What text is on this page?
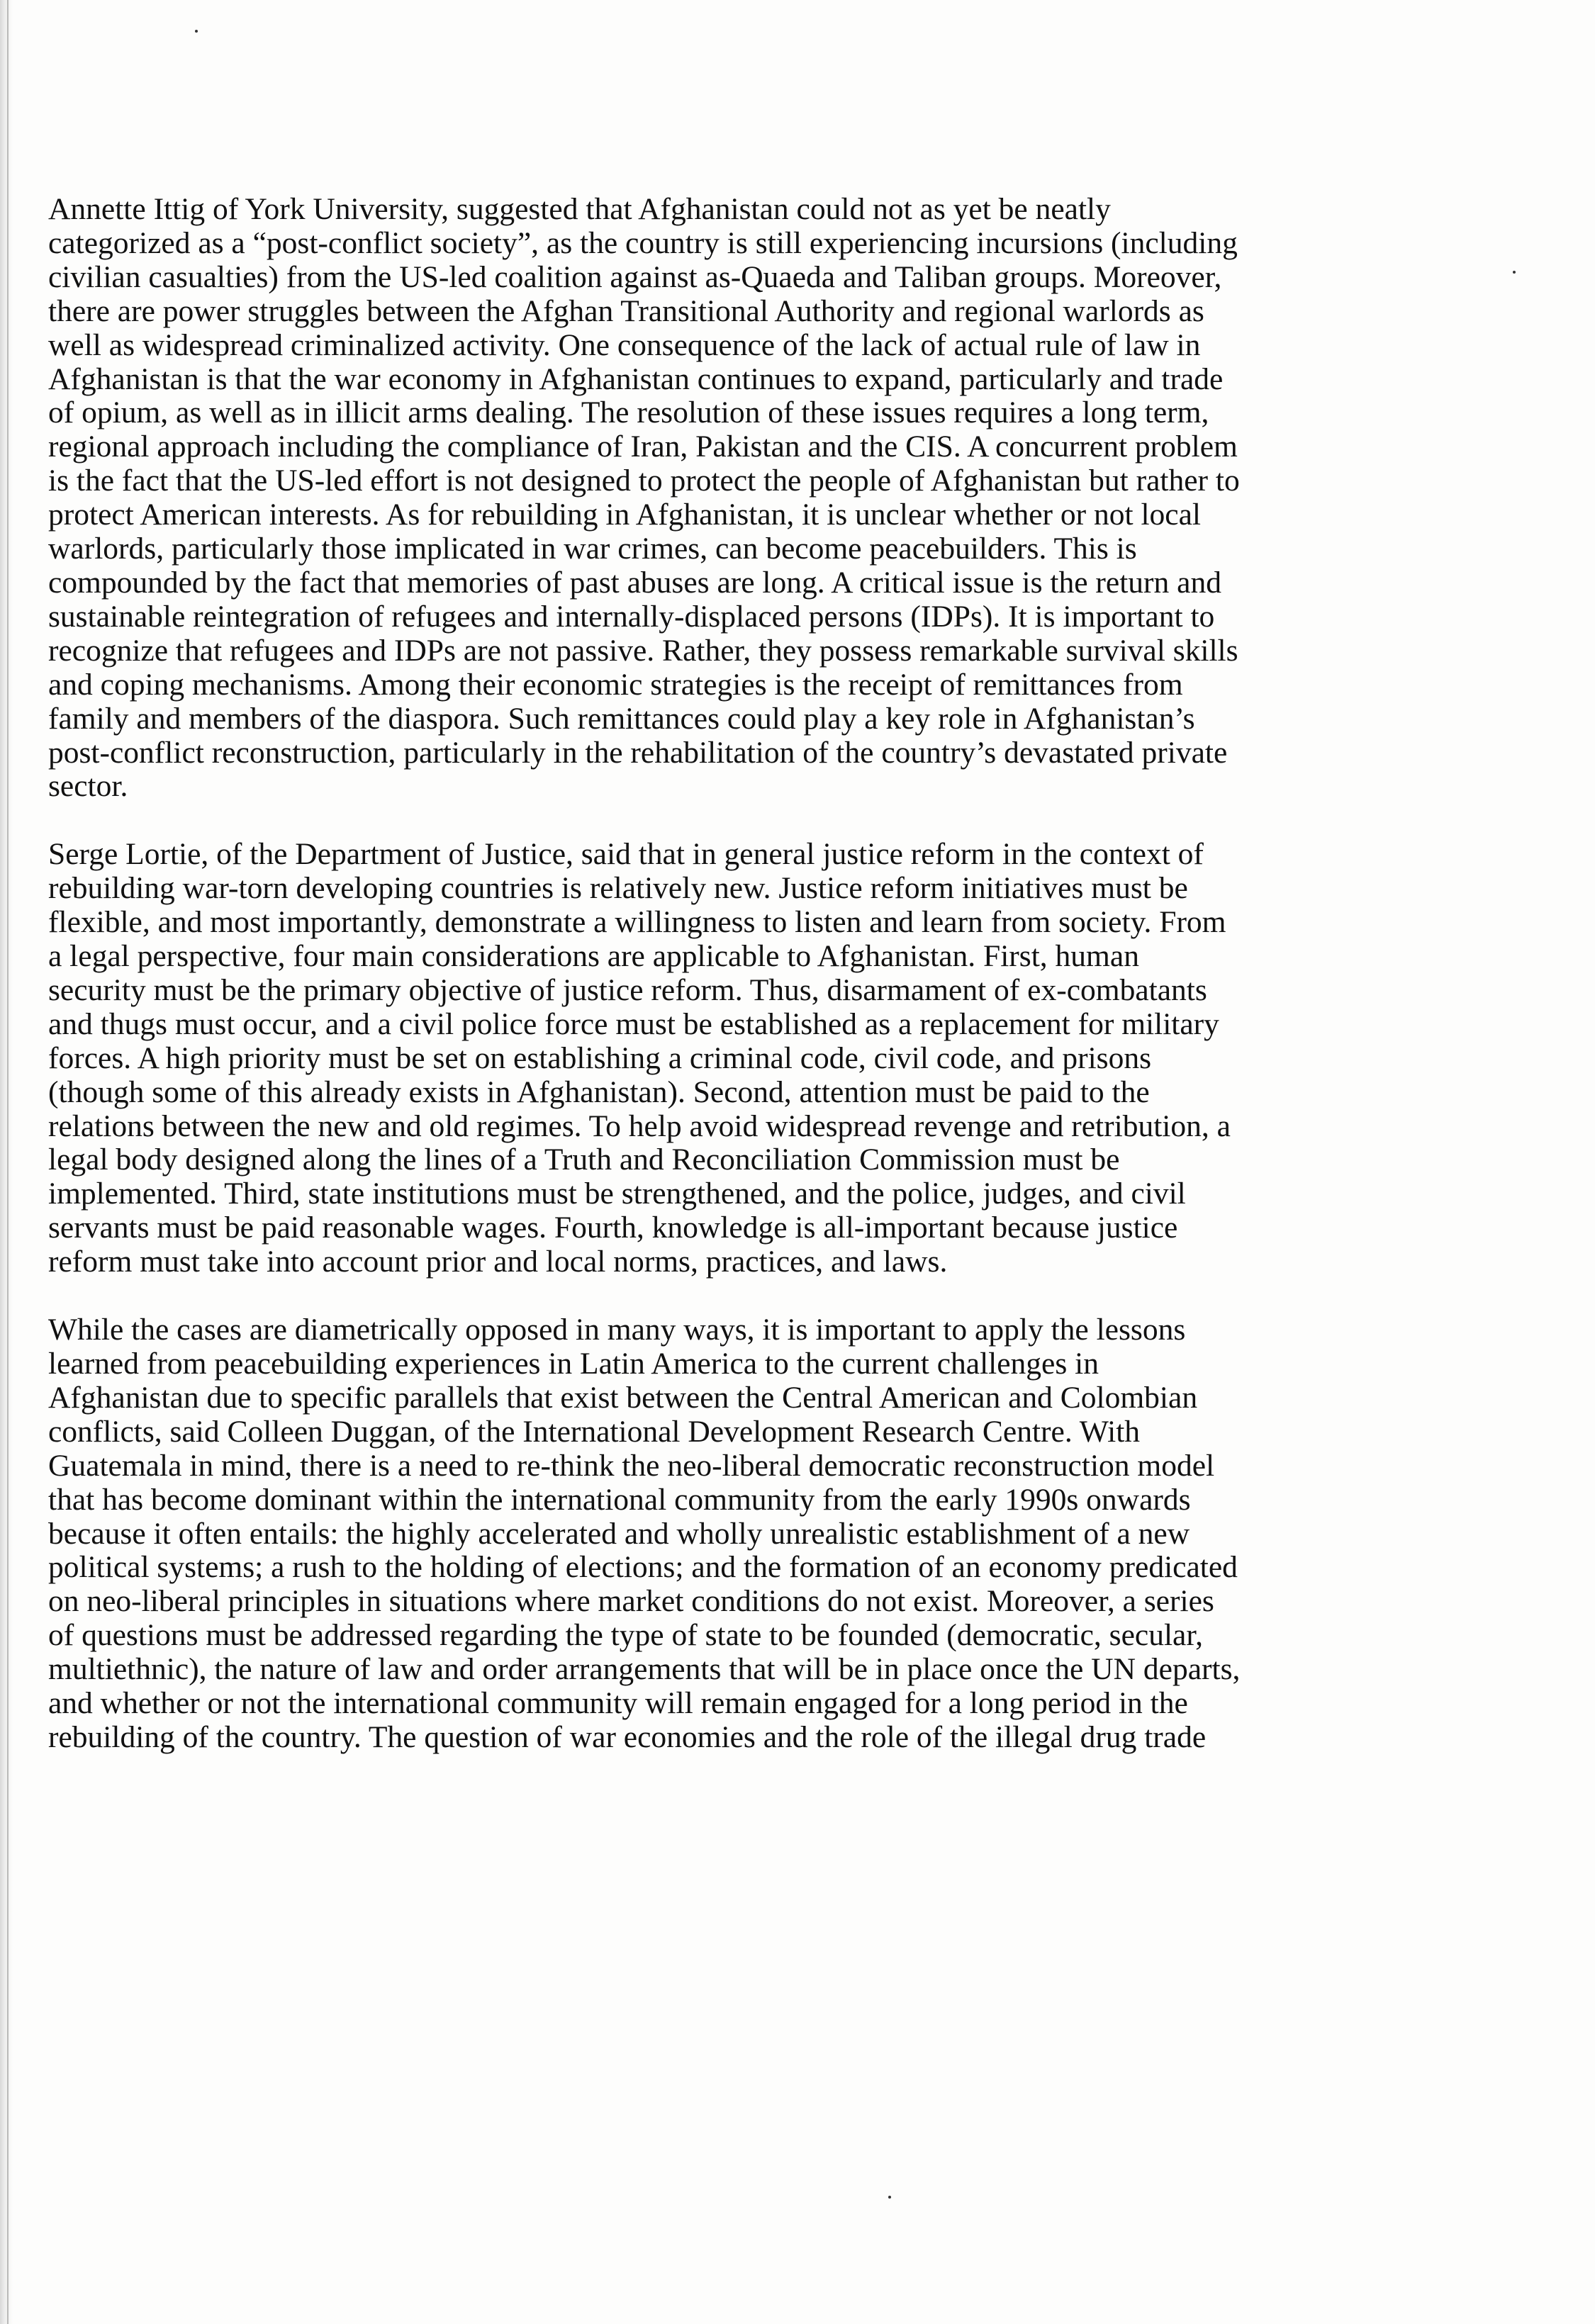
Annette Ittig of York University, suggested that Afghanistan could not as yet be neatly
categorized as a “post-conflict society”, as the country is still experiencing incursions (including
civilian casualties) from the US-led coalition against as-Quaeda and Taliban groups. Moreover,
there are power struggles between the Afghan Transitional Authority and regional warlords as
well as widespread criminalized activity. One consequence of the lack of actual rule of law in
Afghanistan is that the war economy in Afghanistan continues to expand, particularly and trade
of opium, as well as in illicit arms dealing. The resolution of these issues requires a long term,
regional approach including the compliance of Iran, Pakistan and the CIS. A concurrent problem
is the fact that the US-led effort is not designed to protect the people of Afghanistan but rather to
protect American interests. As for rebuilding in Afghanistan, it is unclear whether or not local
warlords, particularly those implicated in war crimes, can become peacebuilders. This is
compounded by the fact that memories of past abuses are long. A critical issue is the return and
sustainable reintegration of refugees and internally-displaced persons (IDPs). It is important to
recognize that refugees and IDPs are not passive. Rather, they possess remarkable survival skills
and coping mechanisms. Among their economic strategies is the receipt of remittances from
family and members of the diaspora. Such remittances could play a key role in Afghanistan’s
post-conflict reconstruction, particularly in the rehabilitation of the country’s devastated private
sector.

Serge Lortie, of the Department of Justice, said that in general justice reform in the context of
rebuilding war-torn developing countries is relatively new. Justice reform initiatives must be
flexible, and most importantly, demonstrate a willingness to listen and learn from society. From
a legal perspective, four main considerations are applicable to Afghanistan. First, human
security must be the primary objective of justice reform. Thus, disarmament of ex-combatants
and thugs must occur, and a civil police force must be established as a replacement for military
forces. A high priority must be set on establishing a criminal code, civil code, and prisons
(though some of this already exists in Afghanistan). Second, attention must be paid to the
relations between the new and old regimes. To help avoid widespread revenge and retribution, a
legal body designed along the lines of a Truth and Reconciliation Commission must be
implemented. Third, state institutions must be strengthened, and the police, judges, and civil
servants must be paid reasonable wages. Fourth, knowledge is all-important because justice
reform must take into account prior and local norms, practices, and laws.

While the cases are diametrically opposed in many ways, it is important to apply the lessons
learned from peacebuilding experiences in Latin America to the current challenges in
Afghanistan due to specific parallels that exist between the Central American and Colombian
conflicts, said Colleen Duggan, of the International Development Research Centre. With
Guatemala in mind, there is a need to re-think the neo-liberal democratic reconstruction model
that has become dominant within the international community from the early 1990s onwards
because it often entails: the highly accelerated and wholly unrealistic establishment of a new
political systems; a rush to the holding of elections; and the formation of an economy predicated
on neo-liberal principles in situations where market conditions do not exist. Moreover, a series
of questions must be addressed regarding the type of state to be founded (democratic, secular,
multiethnic), the nature of law and order arrangements that will be in place once the UN departs,
and whether or not the international community will remain engaged for a long period in the
rebuilding of the country. The question of war economies and the role of the illegal drug trade
